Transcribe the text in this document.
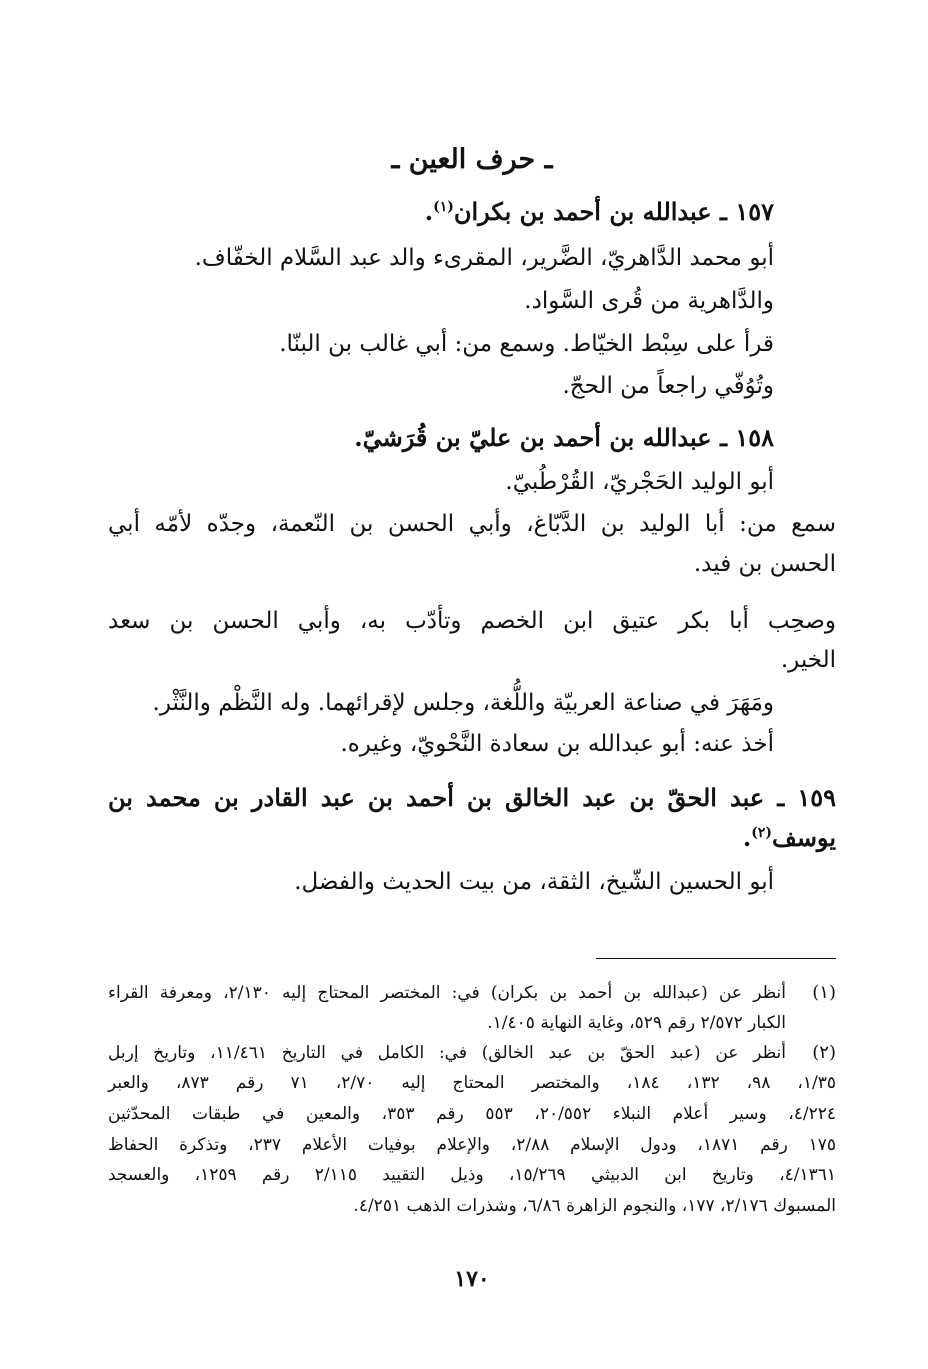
ـ حرف العين ـ
١٥٧ ـ عبدالله بن أحمد بن بكران$^{(١)}$.
أبو محمد الدَّاهريّ، الضَّرير، المقرىء والد عبد السَّلام الخفّاف.
والدَّاهرية من قُرى السَّواد.
قرأ على سِبْط الخيّاط. وسمع من: أبي غالب بن البنّا.
وتُوُفّي راجعاً من الحجّ.
١٥٨ ـ عبدالله بن أحمد بن عليّ بن قُرَشيّ.
أبو الوليد الحَجْريّ، القُرْطُبيّ.
سمع من: أبا الوليد بن الدَّبّاغ، وأبي الحسن بن النّعمة، وجدّه لأمّه أبي
الحسن بن فيد.
وصحِب أبا بكر عتيق ابن الخصم وتأدّب به، وأبي الحسن بن سعد
الخير.
ومَهَرَ في صناعة العربيّة واللُّغة، وجلس لإقرائهما. وله النَّظْم والنَّثْر.
أخذ عنه: أبو عبدالله بن سعادة النَّحْويّ، وغيره.
١٥٩ ـ عبد الحقّ بن عبد الخالق بن أحمد بن عبد القادر بن محمد بن
يوسف$^{(٢)}$.
أبو الحسين الشّيخ، الثقة، من بيت الحديث والفضل.
(١)
أنظر عن (عبدالله بن أحمد بن بكران) في: المختصر المحتاج إليه ٢/١٣٠، ومعرفة القراء
الكبار ٢/٥٧٢ رقم ٥٢٩، وغاية النهاية ١/٤٠٥.
(٢)
أنظر عن (عبد الحقّ بن عبد الخالق) في: الكامل في التاريخ ١١/٤٦١، وتاريخ إربل
١/٣٥، ٩٨، ١٣٢، ١٨٤، والمختصر المحتاج إليه ٢/٧٠، ٧١ رقم ٨٧٣، والعبر
٤/٢٢٤، وسير أعلام النبلاء ٢٠/٥٥٢، ٥٥٣ رقم ٣٥٣، والمعين في طبقات المحدّثين
١٧٥ رقم ١٨٧١، ودول الإسلام ٢/٨٨، والإعلام بوفيات الأعلام ٢٣٧، وتذكرة الحفاظ
٤/١٣٦١، وتاريخ ابن الدبيثي ١٥/٢٦٩، وذيل التقييد ٢/١١٥ رقم ١٢٥٩، والعسجد
المسبوك ٢/١٧٦، ١٧٧، والنجوم الزاهرة ٦/٨٦، وشذرات الذهب ٤/٢٥١.
١٧٠
